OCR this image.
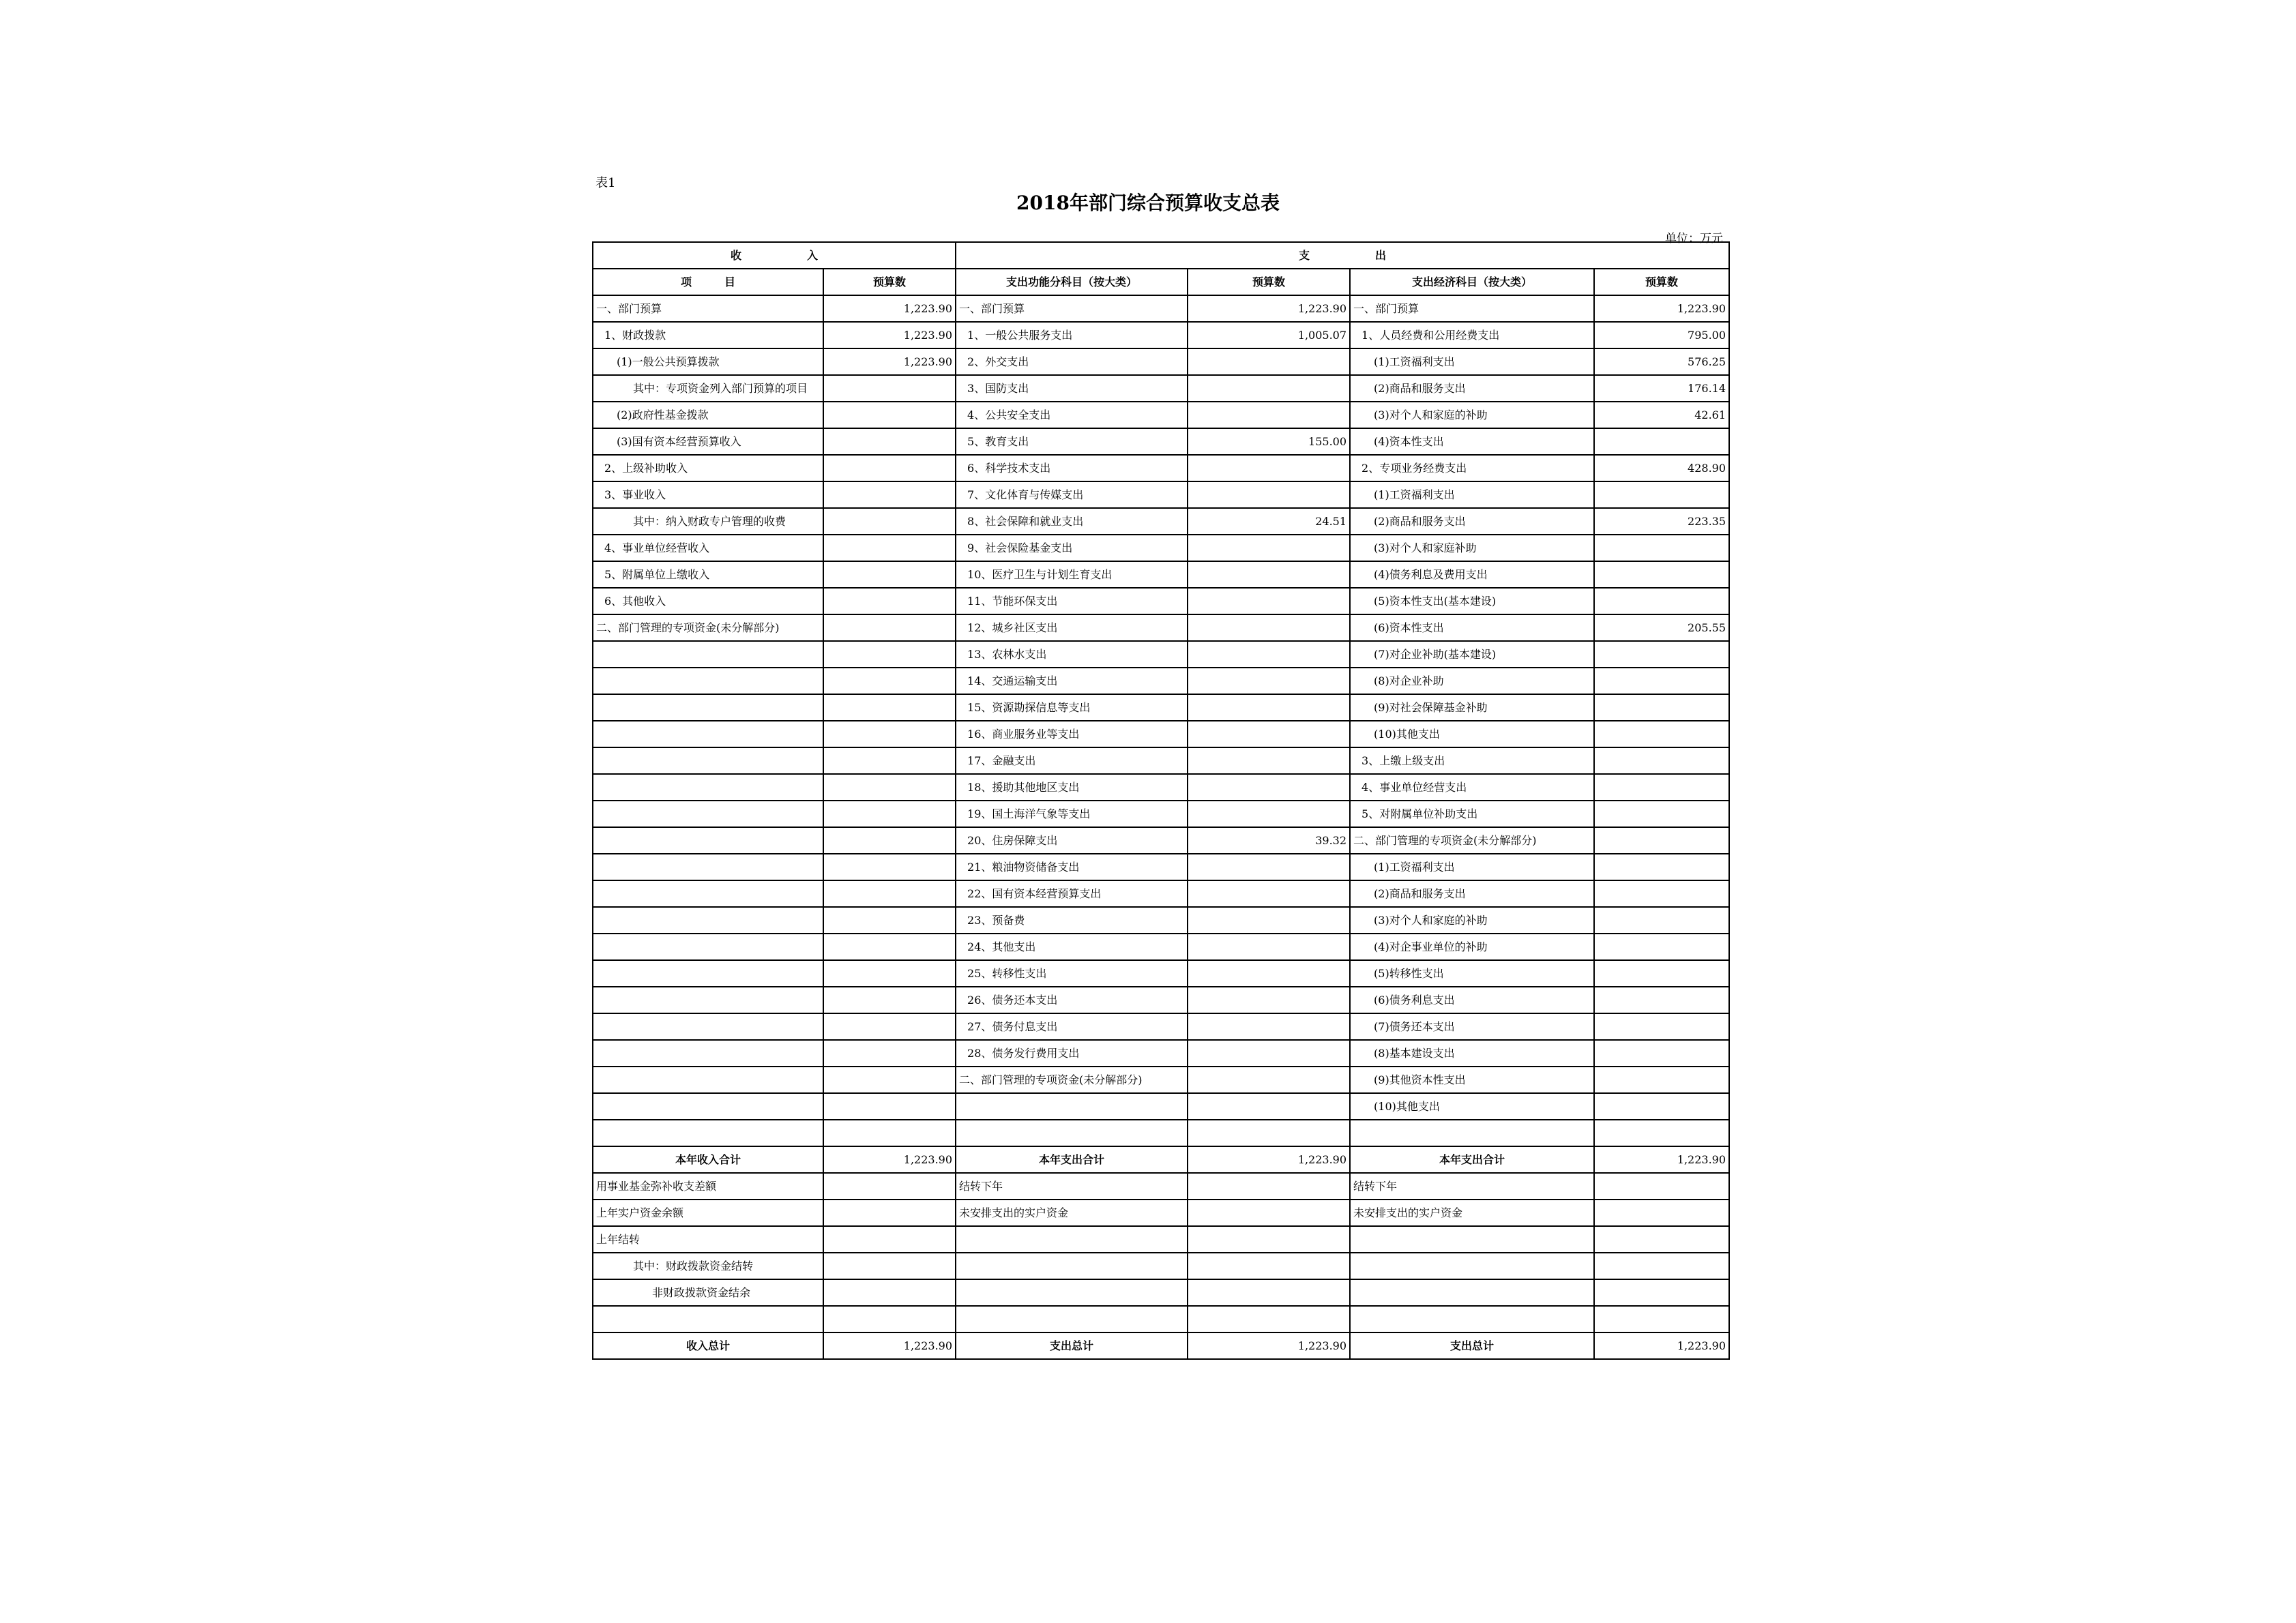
表1
2018年部门综合预算收支总表
单位：万元
收　　　　　　入		支　　　　　　出			
项　　　目	预算数	支出功能分科目（按大类）	预算数	支出经济科目（按大类）	预算数
一、部门预算	1,223.90	一、部门预算	1,223.90	一、部门预算	1,223.90
1、财政拨款	1,223.90	1、一般公共服务支出	1,005.07	1、人员经费和公用经费支出	795.00
(1)一般公共预算拨款	1,223.90	2、外交支出		(1)工资福利支出	576.25
其中：专项资金列入部门预算的项目		3、国防支出		(2)商品和服务支出	176.14
(2)政府性基金拨款		4、公共安全支出		(3)对个人和家庭的补助	42.61
(3)国有资本经营预算收入		5、教育支出	155.00	(4)资本性支出	
2、上级补助收入		6、科学技术支出		2、专项业务经费支出	428.90
3、事业收入		7、文化体育与传媒支出		(1)工资福利支出	
其中：纳入财政专户管理的收费		8、社会保障和就业支出	24.51	(2)商品和服务支出	223.35
4、事业单位经营收入		9、社会保险基金支出		(3)对个人和家庭补助	
5、附属单位上缴收入		10、医疗卫生与计划生育支出		(4)债务利息及费用支出	
6、其他收入		11、节能环保支出		(5)资本性支出(基本建设)	
二、部门管理的专项资金(未分解部分)		12、城乡社区支出		(6)资本性支出	205.55
		13、农林水支出		(7)对企业补助(基本建设)	
		14、交通运输支出		(8)对企业补助	
		15、资源勘探信息等支出		(9)对社会保障基金补助	
		16、商业服务业等支出		(10)其他支出	
		17、金融支出		3、上缴上级支出	
		18、援助其他地区支出		4、事业单位经营支出	
		19、国土海洋气象等支出		5、对附属单位补助支出	
		20、住房保障支出	39.32	二、部门管理的专项资金(未分解部分)	
		21、粮油物资储备支出		(1)工资福利支出	
		22、国有资本经营预算支出		(2)商品和服务支出	
		23、预备费		(3)对个人和家庭的补助	
		24、其他支出		(4)对企事业单位的补助	
		25、转移性支出		(5)转移性支出	
		26、债务还本支出		(6)债务利息支出	
		27、债务付息支出		(7)债务还本支出	
		28、债务发行费用支出		(8)基本建设支出	
		二、部门管理的专项资金(未分解部分)		(9)其他资本性支出	
				(10)其他支出	

本年收入合计	1,223.90	本年支出合计	1,223.90	本年支出合计	1,223.90
用事业基金弥补收支差额		结转下年		结转下年	
上年实户资金余额		未安排支出的实户资金		未安排支出的实户资金	
上年结转					
其中：财政拨款资金结转					
非财政拨款资金结余					

收入总计	1,223.90	支出总计	1,223.90	支出总计	1,223.90
